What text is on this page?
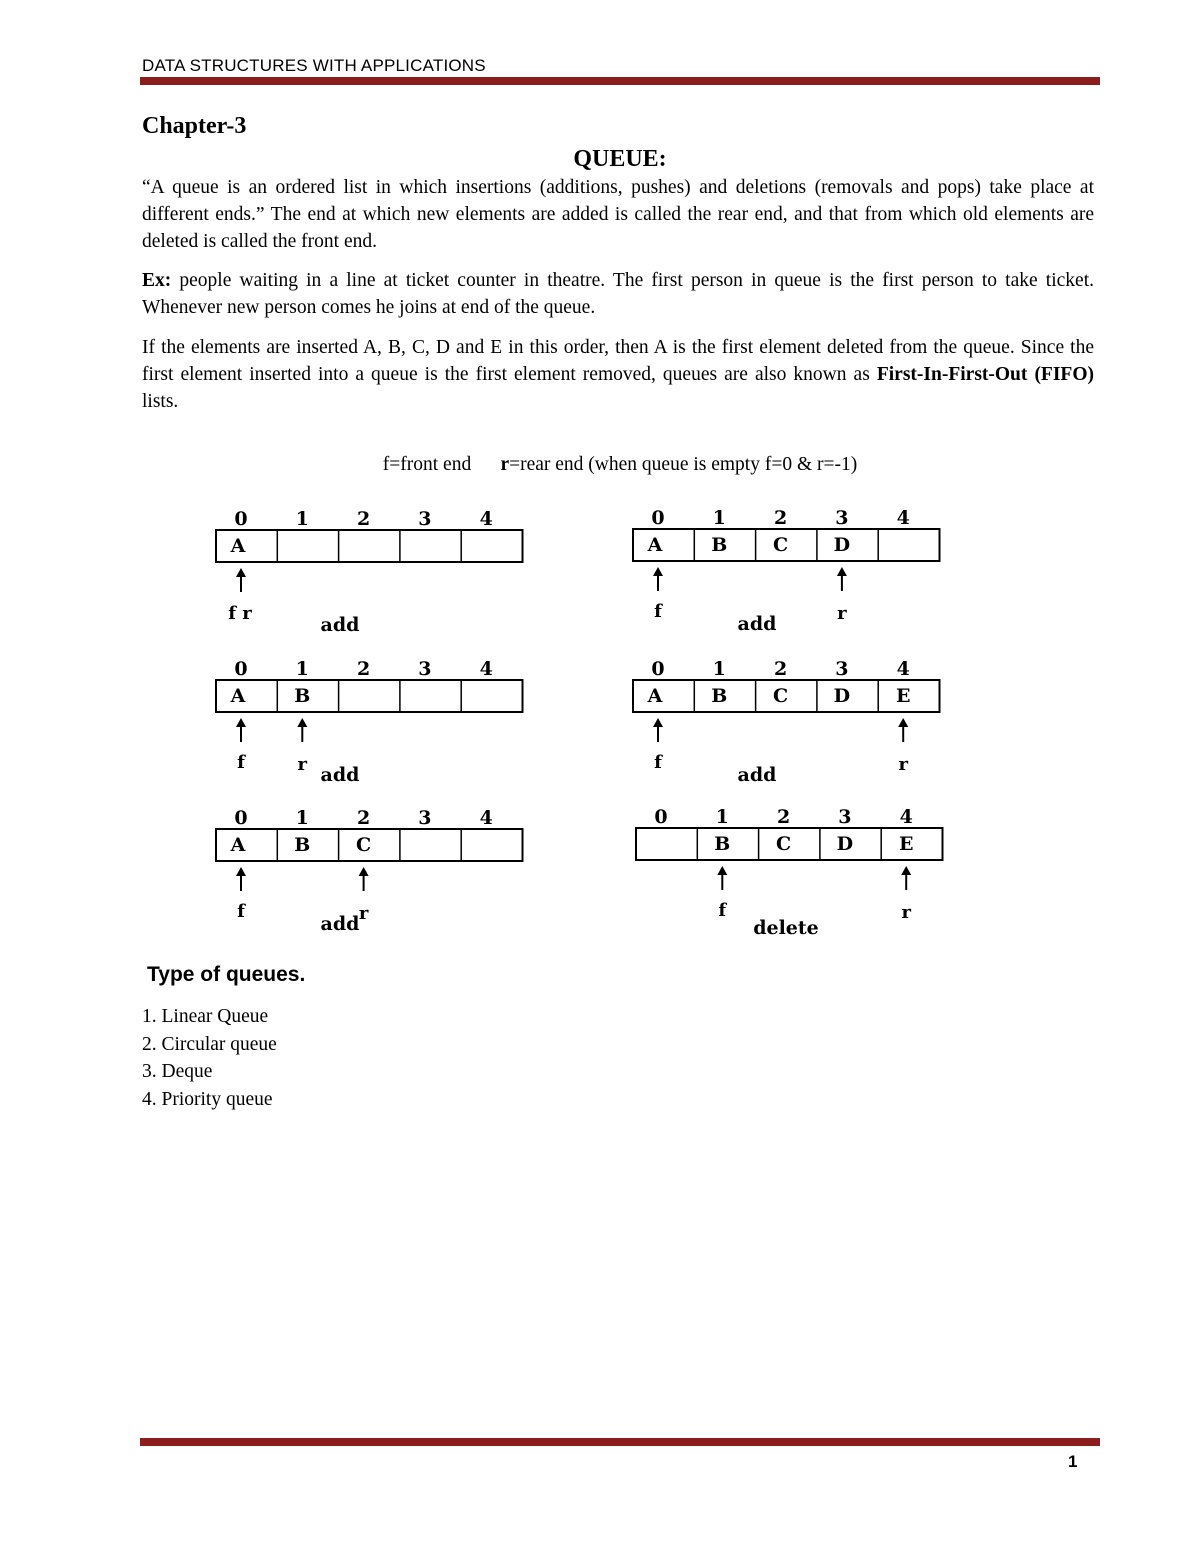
DATA STRUCTURES WITH APPLICATIONS
Chapter-3
QUEUE:

“A queue is an ordered list in which insertions (additions, pushes) and deletions (removals and pops) take place at different ends.” The end at which new elements are added is called the rear end, and that from which old elements are deleted is called the front end.

Ex: people waiting in a line at ticket counter in theatre. The first person in queue is the first person to take ticket. Whenever new person comes he joins at end of the queue.

If the elements are inserted A, B, C, D and E in this order, then A is the first element deleted from the queue. Since the first element inserted into a queue is the first element removed, queues are also known as First-In-First-Out (FIFO) lists.

f=front end r=rear end (when queue is empty f=0 & r=-1)
0	1	2	3	4
A
f r
add
0	1	2	3	4
A	B
f	r add
0	1	2	3	4
A	B C
f	r
add
0	1	2	3	4
A	B C D
f	r
add
0	1	2	3	4
A	B C D E
f	r
add
0	1	2	3	4
B C D E
f	r
delete
Type of queues.
1. Linear Queue
2. Circular queue
3. Deque
4. Priority queue
1
